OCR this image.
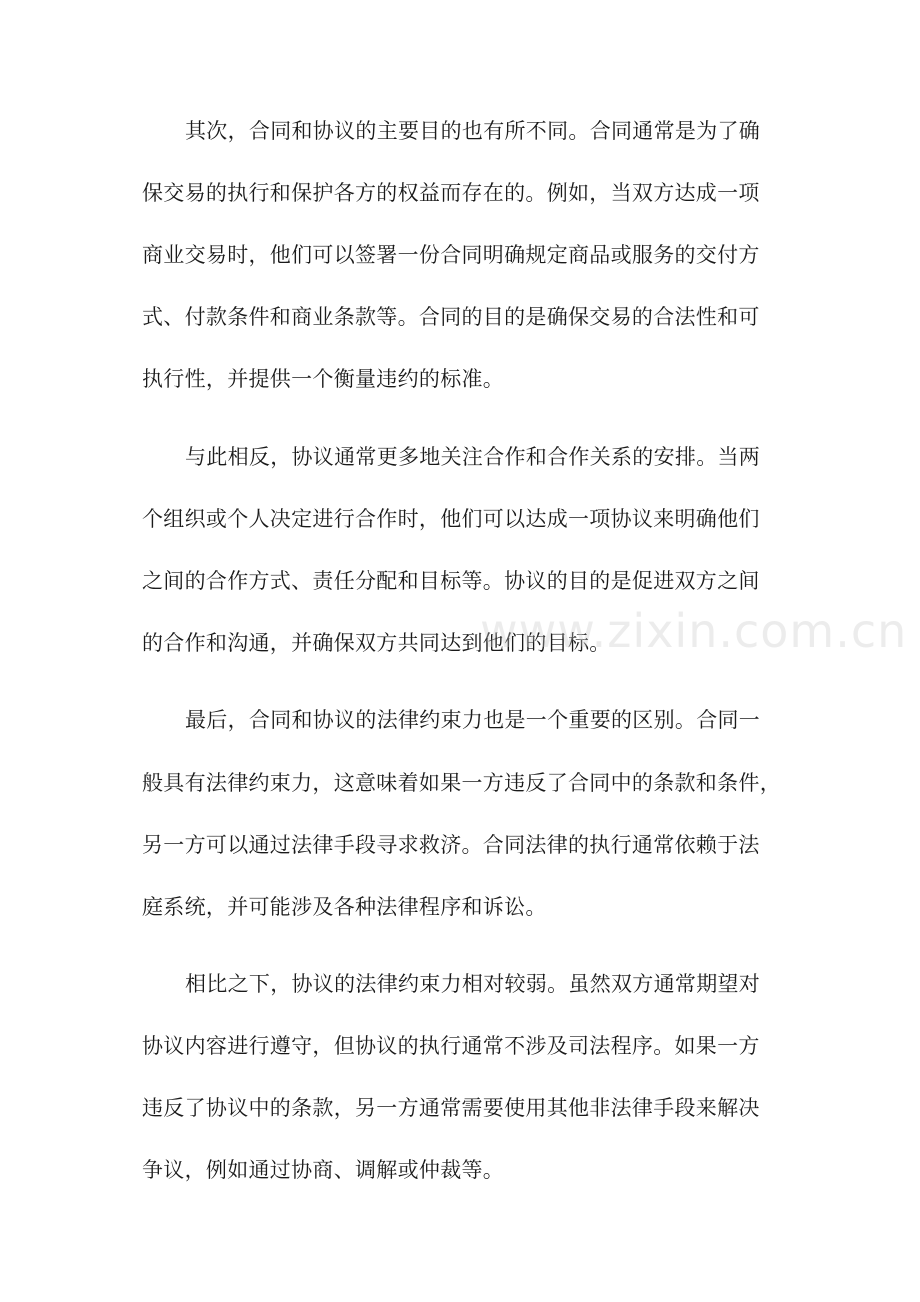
其次，合同和协议的主要目的也有所不同。合同通常是为了确
保交易的执行和保护各方的权益而存在的。例如，当双方达成一项
商业交易时，他们可以签署一份合同明确规定商品或服务的交付方
式、付款条件和商业条款等。合同的目的是确保交易的合法性和可
执行性，并提供一个衡量违约的标准。
与此相反，协议通常更多地关注合作和合作关系的安排。当两
个组织或个人决定进行合作时，他们可以达成一项协议来明确他们
之间的合作方式、责任分配和目标等。协议的目的是促进双方之间
的合作和沟通，并确保双方共同达到他们的目标。
最后，合同和协议的法律约束力也是一个重要的区别。合同一
般具有法律约束力，这意味着如果一方违反了合同中的条款和条件，
另一方可以通过法律手段寻求救济。合同法律的执行通常依赖于法
庭系统，并可能涉及各种法律程序和诉讼。
相比之下，协议的法律约束力相对较弱。虽然双方通常期望对
协议内容进行遵守，但协议的执行通常不涉及司法程序。如果一方
违反了协议中的条款，另一方通常需要使用其他非法律手段来解决
争议，例如通过协商、调解或仲裁等。
www.zixin.com.cn
